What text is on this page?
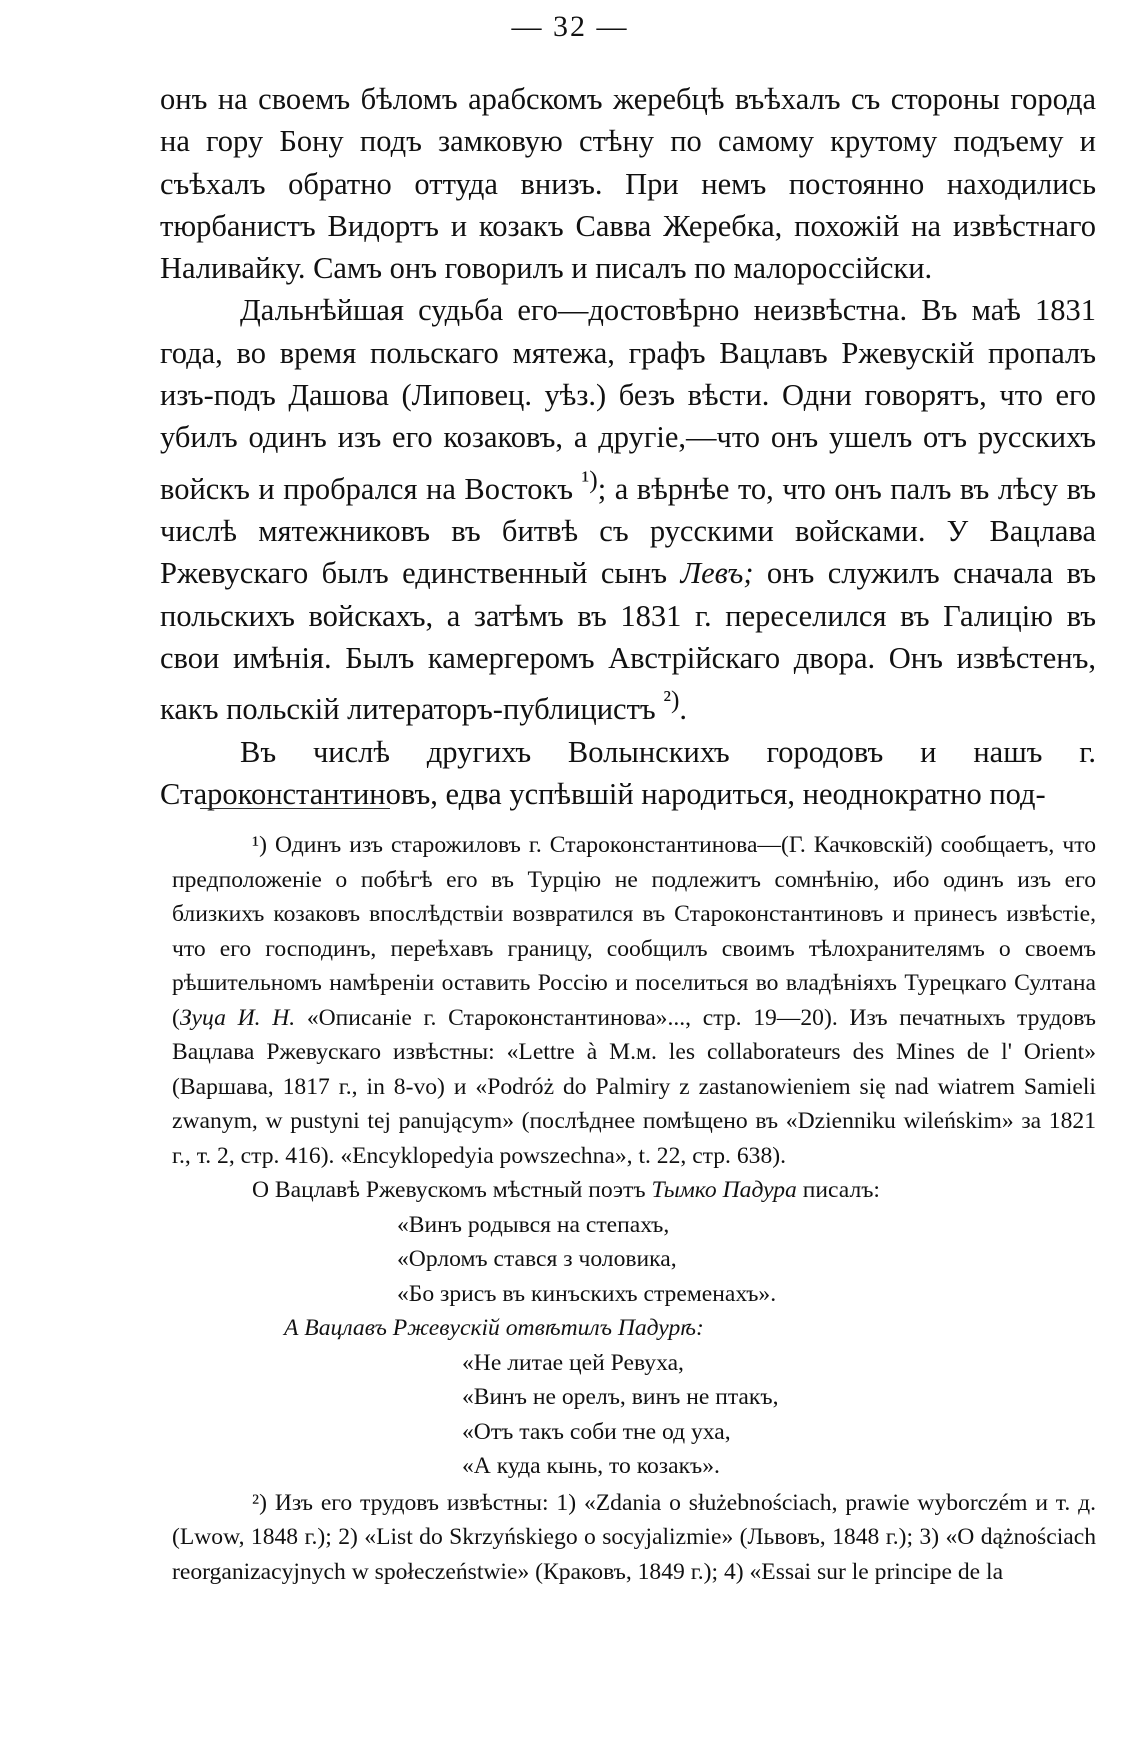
— 32 —

онъ на своемъ бѣломъ арабскомъ жеребцѣ въѣхалъ съ стороны города на гору Бону подъ замковую стѣну по самому крутому подъему и съѣхалъ обратно оттуда внизъ. При немъ постоянно находились тюрбанистъ Видортъ и козакъ Савва Жеребка, похожій на извѣстнаго Наливайку. Самъ онъ говорилъ и писалъ по малороссійски.

Дальнѣйшая судьба его—достовѣрно неизвѣстна. Въ маѣ 1831 года, во время польскаго мятежа, графъ Вацлавъ Ржевускій пропалъ изъ-подъ Дашова (Липовец. уѣз.) безъ вѣсти. Одни говорятъ, что его убилъ одинъ изъ его козаковъ, а другіе,—что онъ ушелъ отъ русскихъ войскъ и пробрался на Востокъ $^{^1)}$; а вѣрнѣе то, что онъ палъ въ лѣсу въ числѣ мятежниковъ въ битвѣ съ русскими войсками. У Вацлава Ржевускаго былъ единственный сынъ Левъ; онъ служилъ сначала въ польскихъ войскахъ, а затѣмъ въ 1831 г. переселился въ Галицію въ свои имѣнія. Былъ камергеромъ Австрійскаго двора. Онъ извѣстенъ, какъ польскій литераторъ-публицистъ $^{^2)}$.

Въ числѣ другихъ Волынскихъ городовъ и нашъ г. Староконстантиновъ, едва успѣвшій народиться, неоднократно под-

¹) Одинъ изъ старожиловъ г. Староконстантинова—(Г. Качковскій) сообщаетъ, что предположеніе о побѣгѣ его въ Турцію не подлежитъ сомнѣнію, ибо одинъ изъ его близкихъ козаковъ впослѣдствіи возвратился въ Староконстантиновъ и принесъ извѣстіе, что его господинъ, переѣхавъ границу, сообщилъ своимъ тѣлохранителямъ о своемъ рѣшительномъ намѣреніи оставить Россію и поселиться во владѣніяхъ Турецкаго Султана (Зуца И. Н. «Описаніе г. Староконстантинова»..., стр. 19—20). Изъ печатныхъ трудовъ Вацлава Ржевускаго извѣстны: «Lettre à M.м. les collaborateurs des Mines de l' Orient» (Варшава, 1817 г., in 8-vo) и «Podróż do Palmiry z zastanowieniem się nad wiatrem Samieli zwanym, w pustyni tej panującym» (послѣднее помѣщено въ «Dzienniku wileńskim» за 1821 г., т. 2, стр. 416). «Encyklopedyia powszechna», t. 22, стр. 638).

О Вацлавѣ Ржевускомъ мѣстный поэтъ Тымко Падура писалъ:

«Винъ родывся на степахъ,
«Орломъ стався з чоловика,
«Бо зрисъ въ кинъскихъ стременахъ».
А Вацлавъ Ржевускій отвѣтилъ Падурѣ:
«Не литае цей Ревуха,
«Винъ не орелъ, винъ не птакъ,
«Отъ такъ соби тне од уха,
«А куда кынь, то козакъ».

²) Изъ его трудовъ извѣстны: 1) «Zdania o służebnościach, prawie wyborczém и т. д. (Lwow, 1848 г.); 2) «List do Skrzyńskiego o socyjalizmie» (Львовъ, 1848 г.); 3) «O dążnościach reorganizacyjnych w społeczeństwie» (Краковъ, 1849 г.); 4) «Essai sur le principe de la
